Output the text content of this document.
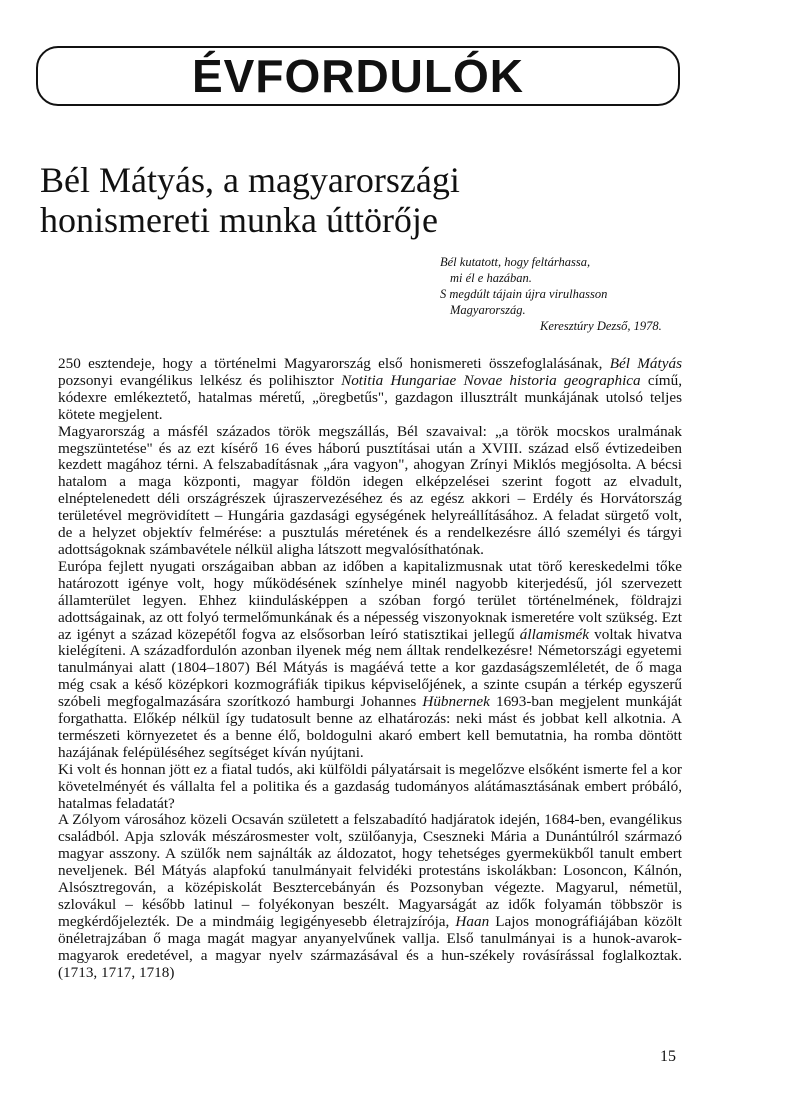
ÉVFORDULÓK
Bél Mátyás, a magyarországi
honismereti munka úttörője
Bél kutatott, hogy feltárhassa,
mi él e hazában.
S megdúlt tájain újra virulhasson
Magyarország.
Keresztúry Dezső, 1978.

250 esztendeje, hogy a történelmi Magyarország első honismereti összefoglalásának, Bél Mátyás pozsonyi evangélikus lelkész és polihisztor Notitia Hungariae Novae historia geographica című, kódexre emlékeztető, hatalmas méretű, „öregbetűs", gazdagon illusztrált munkájának utolsó teljes kötete megjelent.

Magyarország a másfél százados török megszállás, Bél szavaival: „a török mocskos uralmának megszüntetése" és az ezt kísérő 16 éves háború pusztításai után a XVIII. század első évtizedeiben kezdett magához térni. A felszabadításnak „ára vagyon", ahogyan Zrínyi Miklós megjósolta. A bécsi hatalom a maga központi, magyar földön idegen elképzelései szerint fogott az elvadult, elnéptelenedett déli országrészek újraszervezéséhez és az egész akkori – Erdély és Horvátország területével megrövidített – Hungária gazdasági egységének helyreállításához. A feladat sürgető volt, de a helyzet objektív felmérése: a pusztulás méretének és a rendelkezésre álló személyi és tárgyi adottságoknak számbavétele nélkül aligha látszott megvalósíthatónak.

Európa fejlett nyugati országaiban abban az időben a kapitalizmusnak utat törő kereskedelmi tőke határozott igénye volt, hogy működésének színhelye minél nagyobb kiterjedésű, jól szervezett államterület legyen. Ehhez kiindulásképpen a szóban forgó terület történelmének, földrajzi adottságainak, az ott folyó termelőmunkának és a népesség viszonyoknak ismeretére volt szükség. Ezt az igényt a század közepétől fogva az elsősorban leíró statisztikai jellegű államismék voltak hivatva kielégíteni. A századfordulón azonban ilyenek még nem álltak rendelkezésre! Németországi egyetemi tanulmányai alatt (1804–1807) Bél Mátyás is magáévá tette a kor gazdaságszemléletét, de ő maga még csak a késő középkori kozmográfiák tipikus képviselőjének, a szinte csupán a térkép egyszerű szóbeli megfogalmazására szorítkozó hamburgi Johannes Hübnernek 1693-ban megjelent munkáját forgathatta. Előkép nélkül így tudatosult benne az elhatározás: neki mást és jobbat kell alkotnia. A természeti környezetet és a benne élő, boldogulni akaró embert kell bemutatnia, ha romba döntött hazájának felépüléséhez segítséget kíván nyújtani.

Ki volt és honnan jött ez a fiatal tudós, aki külföldi pályatársait is megelőzve elsőként ismerte fel a kor követelményét és vállalta fel a politika és a gazdaság tudományos alátámasztásának embert próbáló, hatalmas feladatát?

A Zólyom városához közeli Ocsaván született a felszabadító hadjáratok idején, 1684-ben, evangélikus családból. Apja szlovák mészárosmester volt, szülőanyja, Cseszneki Mária a Dunántúlról származó magyar asszony. A szülők nem sajnálták az áldozatot, hogy tehetséges gyermekükből tanult embert neveljenek. Bél Mátyás alapfokú tanulmányait felvidéki protestáns iskolákban: Losoncon, Kálnón, Alsósztregován, a középiskolát Besztercebányán és Pozsonyban végezte. Magyarul, németül, szlovákul – később latinul – folyékonyan beszélt. Magyarságát az idők folyamán többször is megkérdőjelezték. De a mindmáig legigényesebb életrajzírója, Haan Lajos monográfiájában közölt önéletrajzában ő maga magát magyar anyanyelvűnek vallja. Első tanulmányai is a hunok-avarok-magyarok eredetével, a magyar nyelv származásával és a hun-székely rovásírással foglalkoztak. (1713, 1717, 1718)

15
